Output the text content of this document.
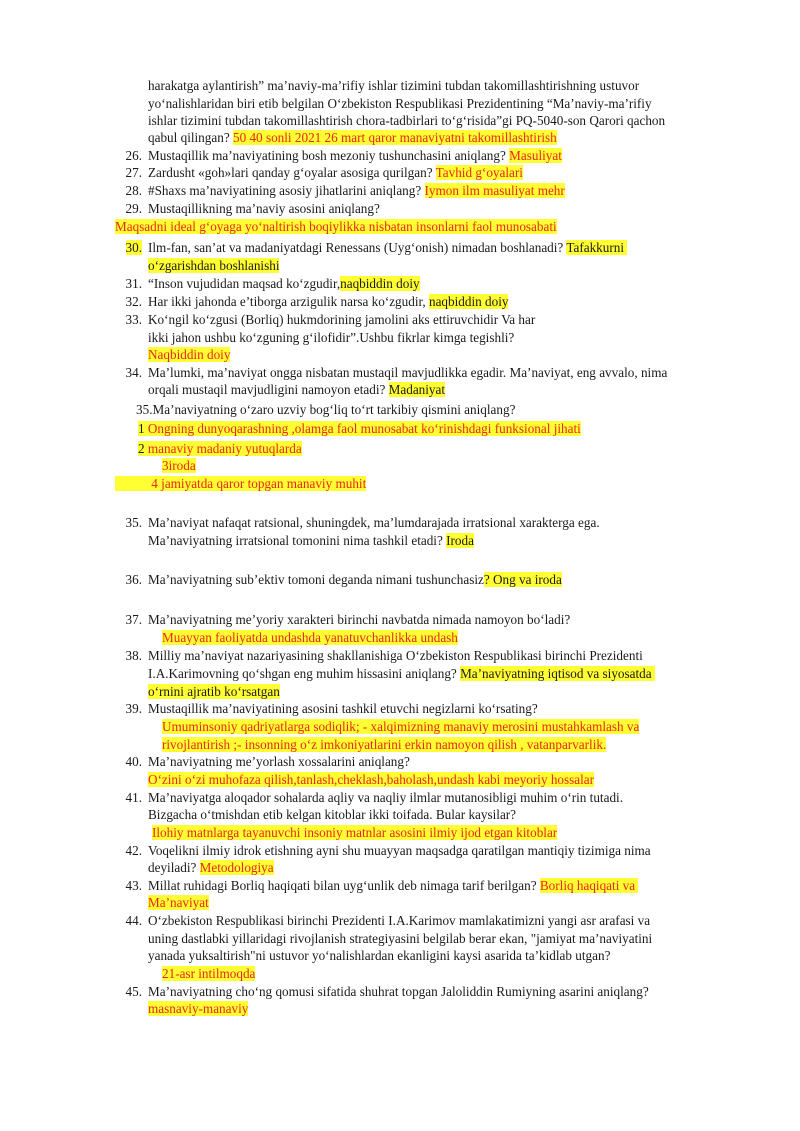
harakatga aylantirish” ma’naviy-ma’rifiy ishlar tizimini tubdan takomillashtirishning ustuvor
yo‘nalishlaridan biri etib belgilan O‘zbekiston Respublikasi Prezidentining “Ma’naviy-ma’rifiy
ishlar tizimini tubdan takomillashtirish chora-tadbirlari to‘g‘risida”gi PQ-5040-son Qarori qachon
qabul qilingan? 50 40 sonli 2021 26 mart qaror manaviyatni takomillashtirish
26. Mustaqillik ma’naviyatining bosh mezoniy tushunchasini aniqlang? Masuliyat
27. Zardusht «goh»lari qanday g‘oyalar asosiga qurilgan? Tavhid g‘oyalari
28. #Shaxs ma’naviyatining asosiy jihatlarini aniqlang? Iymon ilm masuliyat mehr
29. Mustaqillikning ma’naviy asosini aniqlang?
Maqsadni ideal g‘oyaga yo‘naltirish boqiylikka nisbatan insonlarni faol munosabati
30. Ilm-fan, san’at va madaniyatdagi Renessans (Uyg‘onish) nimadan boshlanadi? Tafakkurni
o‘zgarishdan boshlanishi
31. “Inson vujudidan maqsad ko‘zgudir,naqbiddin doiy
32. Har ikki jahonda e’tiborga arzigulik narsa ko‘zgudir, naqbiddin doiy
33. Ko‘ngil ko‘zgusi (Borliq) hukmdorining jamolini aks ettiruvchidir Va har
ikki jahon ushbu ko‘zguning g‘ilofidir”.Ushbu fikrlar kimga tegishli?
Naqbiddin doiy
34. Ma’lumki, ma’naviyat ongga nisbatan mustaqil mavjudlikka egadir. Ma’naviyat, eng avvalo, nima
orqali mustaqil mavjudligini namoyon etadi? Madaniyat
35.Ma’naviyatning o‘zaro uzviy bog‘liq to‘rt tarkibiy qismini aniqlang?
1 Ongning dunyoqarashning ,olamga faol munosabat ko‘rinishdagi funksional jihati
2 manaviy madaniy yutuqlarda
3iroda
4 jamiyatda qaror topgan manaviy muhit
35. Ma’naviyat nafaqat ratsional, shuningdek, ma’lumdarajada irratsional xarakterga ega.
Ma’naviyatning irratsional tomonini nima tashkil etadi? Iroda
36. Ma’naviyatning sub’ektiv tomoni deganda nimani tushunchasiz? Ong va iroda
37. Ma’naviyatning me’yoriy xarakteri birinchi navbatda nimada namoyon bo‘ladi?
Muayyan faoliyatda undashda yanatuvchanlikka undash
38. Milliy ma’naviyat nazariyasining shakllanishiga O‘zbekiston Respublikasi birinchi Prezidenti
I.A.Karimovning qo‘shgan eng muhim hissasini aniqlang? Ma’naviyatning iqtisod va siyosatda
o‘rnini ajratib ko‘rsatgan
39. Mustaqillik ma’naviyatining asosini tashkil etuvchi negizlarni ko‘rsating?
Umuminsoniy qadriyatlarga sodiqlik; - xalqimizning manaviy merosini mustahkamlash va
rivojlantirish ;- insonning o‘z imkoniyatlarini erkin namoyon qilish , vatanparvarlik.
40. Ma’naviyatning me’yorlash xossalarini aniqlang?
O‘zini o‘zi muhofaza qilish,tanlash,cheklash,baholash,undash kabi meyoriy hossalar
41. Ma’naviyatga aloqador sohalarda aqliy va naqliy ilmlar mutanosibligi muhim o‘rin tutadi.
Bizgacha o‘tmishdan etib kelgan kitoblar ikki toifada. Bular kaysilar?
Ilohiy matnlarga tayanuvchi insoniy matnlar asosini ilmiy ijod etgan kitoblar
42. Voqelikni ilmiy idrok etishning ayni shu muayyan maqsadga qaratilgan mantiqiy tizimiga nima
deyiladi? Metodologiya
43. Millat ruhidagi Borliq haqiqati bilan uyg‘unlik deb nimaga tarif berilgan? Borliq haqiqati va
Ma’naviyat
44. O‘zbekiston Respublikasi birinchi Prezidenti I.A.Karimov mamlakatimizni yangi asr arafasi va
uning dastlabki yillaridagi rivojlanish strategiyasini belgilab berar ekan, "jamiyat ma’naviyatini
yanada yuksaltirish"ni ustuvor yo‘nalishlardan ekanligini kaysi asarida ta’kidlab utgan?
21-asr intilmoqda
45. Ma’naviyatning cho‘ng qomusi sifatida shuhrat topgan Jaloliddin Rumiyning asarini aniqlang?
masnaviy-manaviy
